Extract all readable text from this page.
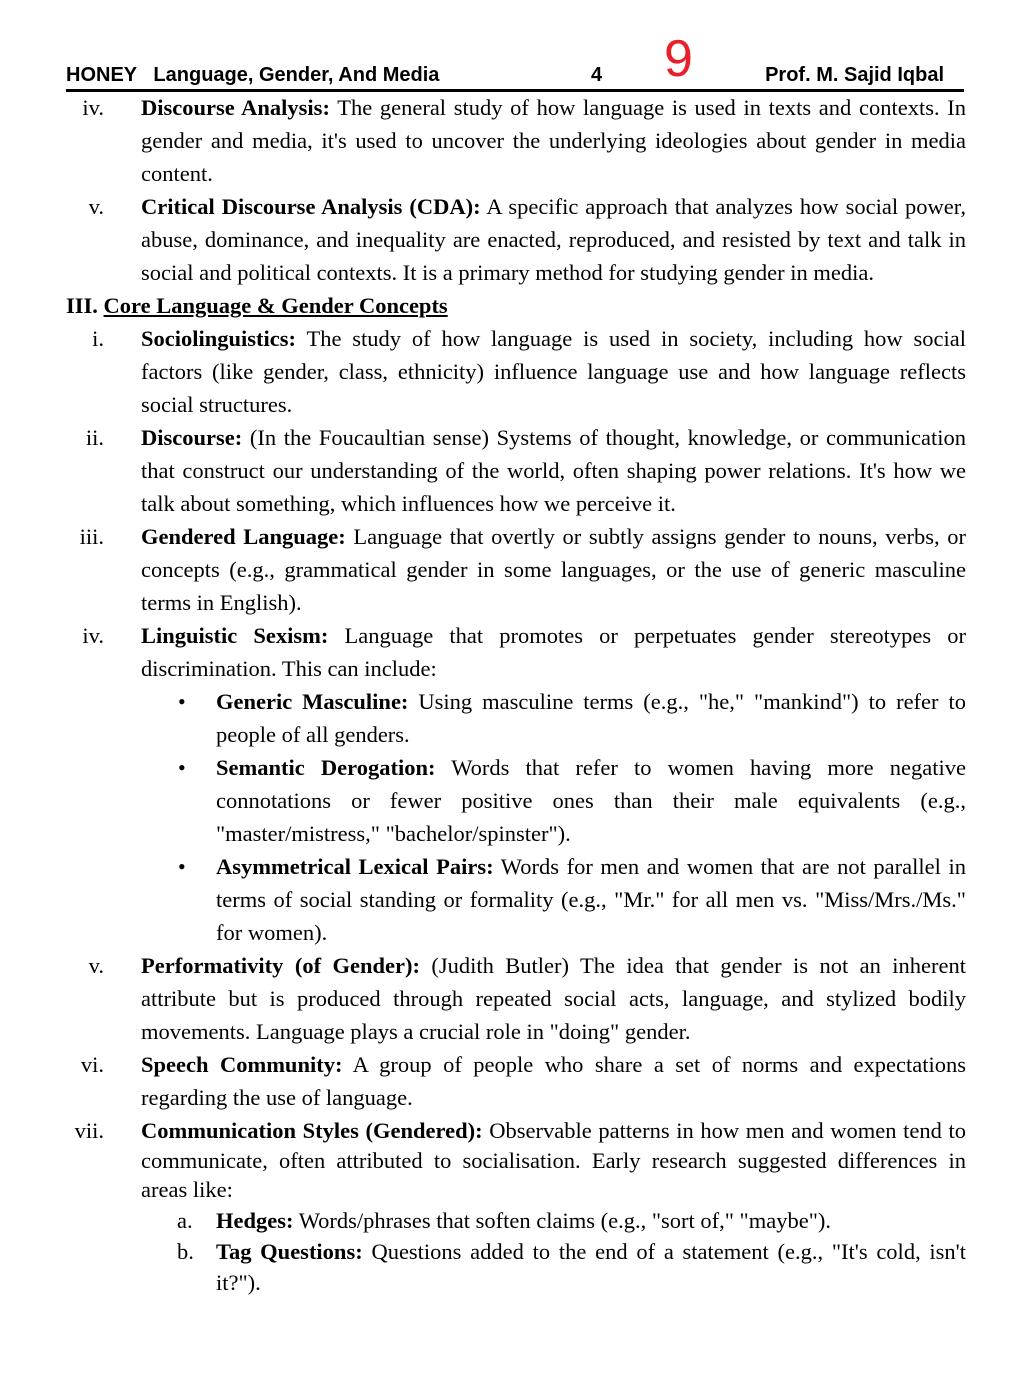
HONEY   Language, Gender, And Media	4 9	Prof. M. Sajid Iqbal
iv. Discourse Analysis: The general study of how language is used in texts and contexts. In gender and media, it's used to uncover the underlying ideologies about gender in media content.
v. Critical Discourse Analysis (CDA): A specific approach that analyzes how social power, abuse, dominance, and inequality are enacted, reproduced, and resisted by text and talk in social and political contexts. It is a primary method for studying gender in media.
III. Core Language & Gender Concepts
i. Sociolinguistics: The study of how language is used in society, including how social factors (like gender, class, ethnicity) influence language use and how language reflects social structures.
ii. Discourse: (In the Foucaultian sense) Systems of thought, knowledge, or communication that construct our understanding of the world, often shaping power relations. It's how we talk about something, which influences how we perceive it.
iii. Gendered Language: Language that overtly or subtly assigns gender to nouns, verbs, or concepts (e.g., grammatical gender in some languages, or the use of generic masculine terms in English).
iv. Linguistic Sexism: Language that promotes or perpetuates gender stereotypes or discrimination. This can include:
• Generic Masculine: Using masculine terms (e.g., "he," "mankind") to refer to people of all genders.
• Semantic Derogation: Words that refer to women having more negative connotations or fewer positive ones than their male equivalents (e.g., "master/mistress," "bachelor/spinster").
• Asymmetrical Lexical Pairs: Words for men and women that are not parallel in terms of social standing or formality (e.g., "Mr." for all men vs. "Miss/Mrs./Ms." for women).
v. Performativity (of Gender): (Judith Butler) The idea that gender is not an inherent attribute but is produced through repeated social acts, language, and stylized bodily movements. Language plays a crucial role in "doing" gender.
vi. Speech Community: A group of people who share a set of norms and expectations regarding the use of language.
vii. Communication Styles (Gendered): Observable patterns in how men and women tend to communicate, often attributed to socialisation. Early research suggested differences in areas like:
a. Hedges: Words/phrases that soften claims (e.g., "sort of," "maybe").
b. Tag Questions: Questions added to the end of a statement (e.g., "It's cold, isn't it?").
